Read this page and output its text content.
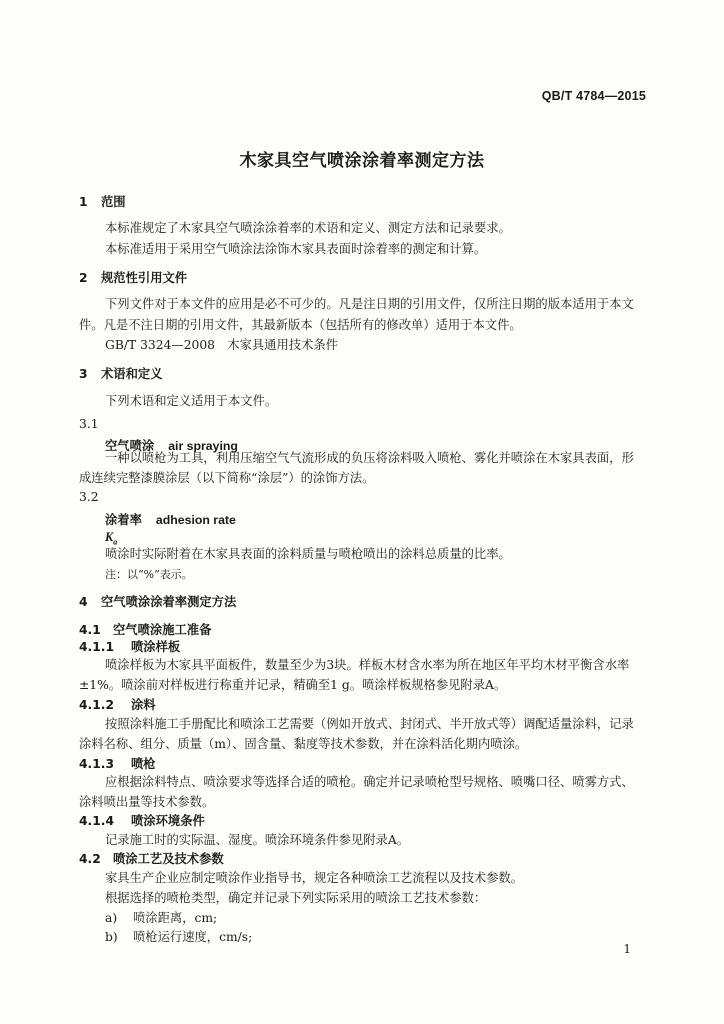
QB/T 4784—2015
木家具空气喷涂涂着率测定方法
1 范围
本标准规定了木家具空气喷涂涂着率的术语和定义、测定方法和记录要求。
本标准适用于采用空气喷涂法涂饰木家具表面时涂着率的测定和计算。
2 规范性引用文件
下列文件对于本文件的应用是必不可少的。凡是注日期的引用文件，仅所注日期的版本适用于本文
件。凡是不注日期的引用文件，其最新版本（包括所有的修改单）适用于本文件。
GB/T 3324—2008　木家具通用技术条件
3 术语和定义
下列术语和定义适用于本文件。
3.1
空气喷涂 air spraying
一种以喷枪为工具，利用压缩空气气流形成的负压将涂料吸入喷枪、雾化并喷涂在木家具表面，形
成连续完整漆膜涂层（以下简称“涂层”）的涂饰方法。
3.2
涂着率 adhesion rate
$K_a$
喷涂时实际附着在木家具表面的涂料质量与喷枪喷出的涂料总质量的比率。
注：以“%”表示。
4 空气喷涂涂着率测定方法
4.1 空气喷涂施工准备
4.1.1 喷涂样板
喷涂样板为木家具平面板件，数量至少为3块。样板木材含水率为所在地区年平均木材平衡含水率
±1%。喷涂前对样板进行称重并记录，精确至1 g。喷涂样板规格参见附录A。
4.1.2 涂料
按照涂料施工手册配比和喷涂工艺需要（例如开放式、封闭式、半开放式等）调配适量涂料，记录
涂料名称、组分、质量（m）、固含量、黏度等技术参数，并在涂料活化期内喷涂。
4.1.3 喷枪
应根据涂料特点、喷涂要求等选择合适的喷枪。确定并记录喷枪型号规格、喷嘴口径、喷雾方式、
涂料喷出量等技术参数。
4.1.4 喷涂环境条件
记录施工时的实际温、湿度。喷涂环境条件参见附录A。
4.2 喷涂工艺及技术参数
家具生产企业应制定喷涂作业指导书，规定各种喷涂工艺流程以及技术参数。
根据选择的喷枪类型，确定并记录下列实际采用的喷涂工艺技术参数：
a) 喷涂距离，cm;
b) 喷枪运行速度，cm/s;
1
